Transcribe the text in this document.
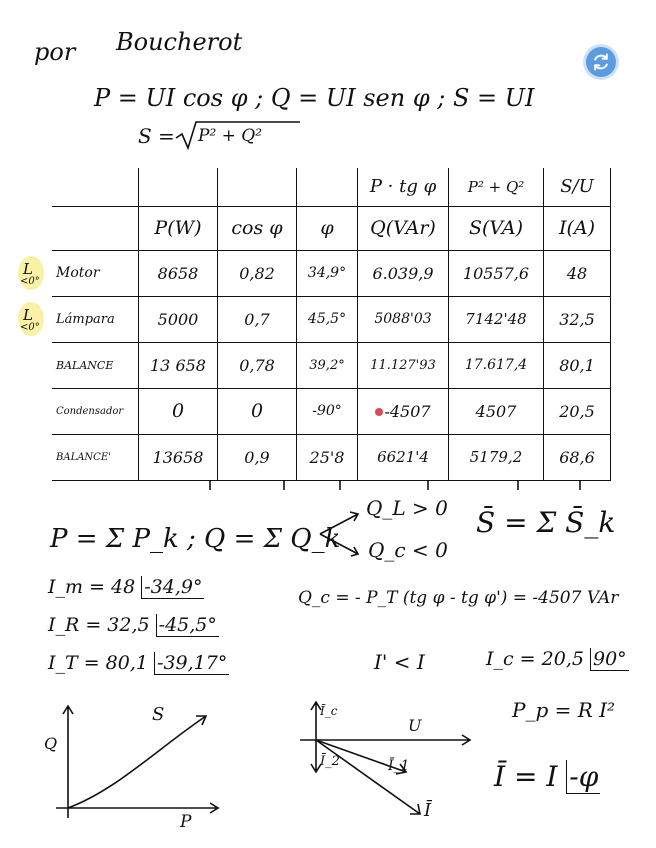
por Boucherot
P = UI cos φ ; Q = UI sen φ ; S = UI
S = P² + Q²
L
<0°
L
<0°
				P · tg φ	P² + Q²	S/U
	P(W)	cos φ	φ	Q(VAr)	S(VA)	I(A)
Motor	8658	0,82	34,9°	6.039,9	10557,6	48
Lámpara	5000	0,7	45,5°	5088'03	7142'48	32,5
BALANCE	13 658	0,78	39,2°	11.127'93	17.617,4	80,1
Condensador	0	0	-90°	-4507	4507	20,5
BALANCE'	13658	0,9	25'8	6621'4	5179,2	68,6
P = Σ P_k ; Q = Σ Q_k
Q_L > 0
Q_c < 0
S̄ = Σ S̄_k
I_m = 48 -34,9°
I_R = 32,5 -45,5°
I_T = 80,1 -39,17°
Q_c = - P_T (tg φ - tg φ') = -4507 VAr
I' < I	I_c = 20,5 90°
P_p = R I²
Ī = I -φ
Q
S
P
Ī_c
U
Ī_2	Ī_1
Ī
